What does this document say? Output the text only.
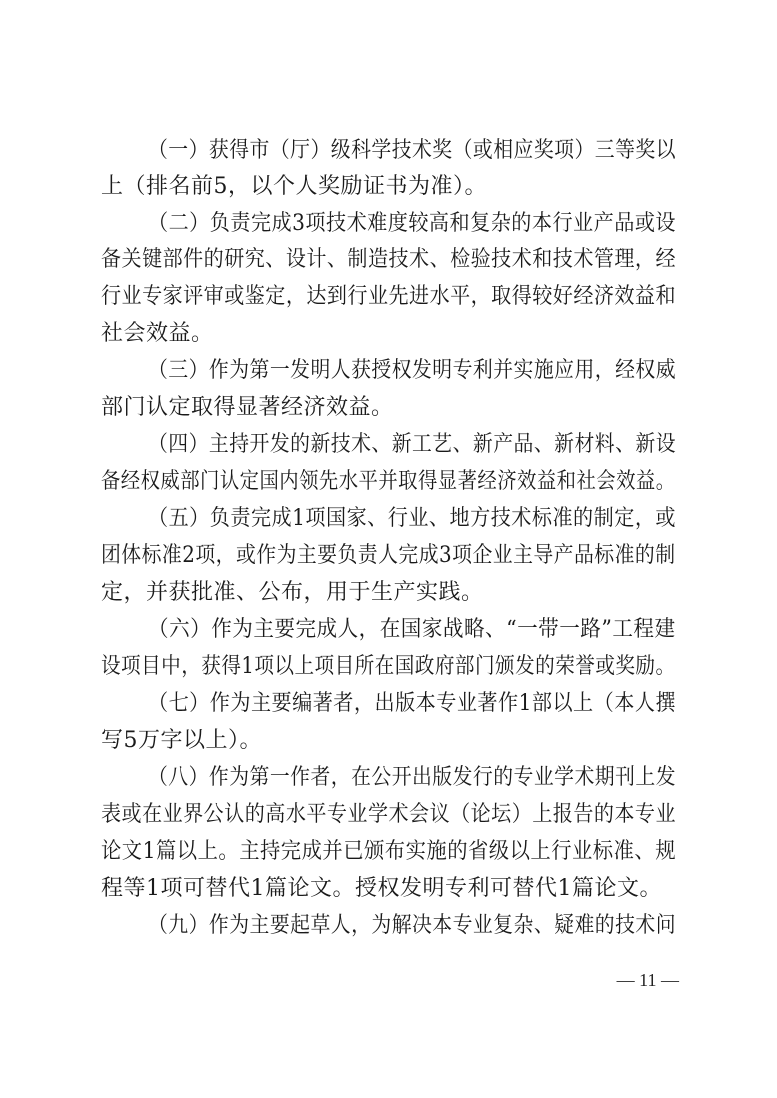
（一）获得市（厅）级科学技术奖（或相应奖项）三等奖以
上（排名前5，以个人奖励证书为准）。
（二）负责完成3项技术难度较高和复杂的本行业产品或设
备关键部件的研究、设计、制造技术、检验技术和技术管理，经
行业专家评审或鉴定，达到行业先进水平，取得较好经济效益和
社会效益。
（三）作为第一发明人获授权发明专利并实施应用，经权威
部门认定取得显著经济效益。
（四）主持开发的新技术、新工艺、新产品、新材料、新设
备经权威部门认定国内领先水平并取得显著经济效益和社会效益。
（五）负责完成1项国家、行业、地方技术标准的制定，或
团体标准2项，或作为主要负责人完成3项企业主导产品标准的制
定，并获批准、公布，用于生产实践。
（六）作为主要完成人，在国家战略、“一带一路”工程建
设项目中，获得1项以上项目所在国政府部门颁发的荣誉或奖励。
（七）作为主要编著者，出版本专业著作1部以上（本人撰
写5万字以上）。
（八）作为第一作者，在公开出版发行的专业学术期刊上发
表或在业界公认的高水平专业学术会议（论坛）上报告的本专业
论文1篇以上。主持完成并已颁布实施的省级以上行业标准、规
程等1项可替代1篇论文。授权发明专利可替代1篇论文。
（九）作为主要起草人，为解决本专业复杂、疑难的技术问
— 11 —
